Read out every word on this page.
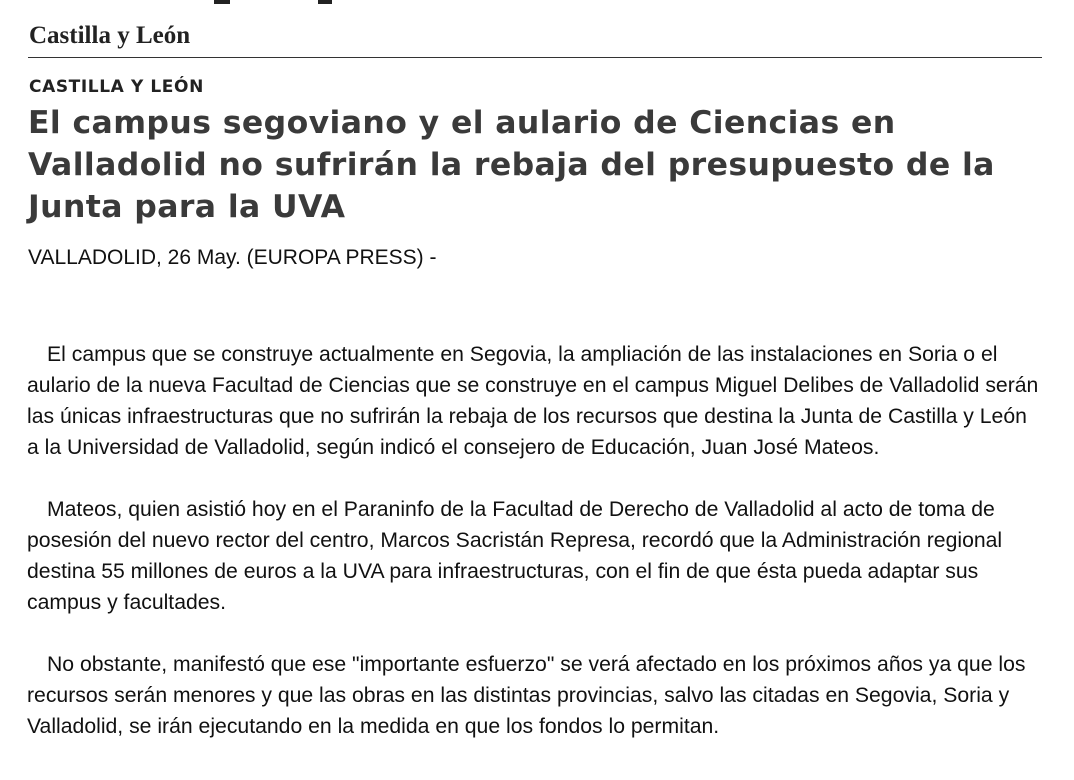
Castilla y León
CASTILLA Y LEÓN
El campus segoviano y el aulario de Ciencias en Valladolid no sufrirán la rebaja del presupuesto de la Junta para la UVA
VALLADOLID, 26 May. (EUROPA PRESS) -

El campus que se construye actualmente en Segovia, la ampliación de las instalaciones en Soria o el aulario de la nueva Facultad de Ciencias que se construye en el campus Miguel Delibes de Valladolid serán las únicas infraestructuras que no sufrirán la rebaja de los recursos que destina la Junta de Castilla y León a la Universidad de Valladolid, según indicó el consejero de Educación, Juan José Mateos.

Mateos, quien asistió hoy en el Paraninfo de la Facultad de Derecho de Valladolid al acto de toma de posesión del nuevo rector del centro, Marcos Sacristán Represa, recordó que la Administración regional destina 55 millones de euros a la UVA para infraestructuras, con el fin de que ésta pueda adaptar sus campus y facultades.

No obstante, manifestó que ese "importante esfuerzo" se verá afectado en los próximos años ya que los recursos serán menores y que las obras en las distintas provincias, salvo las citadas en Segovia, Soria y Valladolid, se irán ejecutando en la medida en que los fondos lo permitan.
